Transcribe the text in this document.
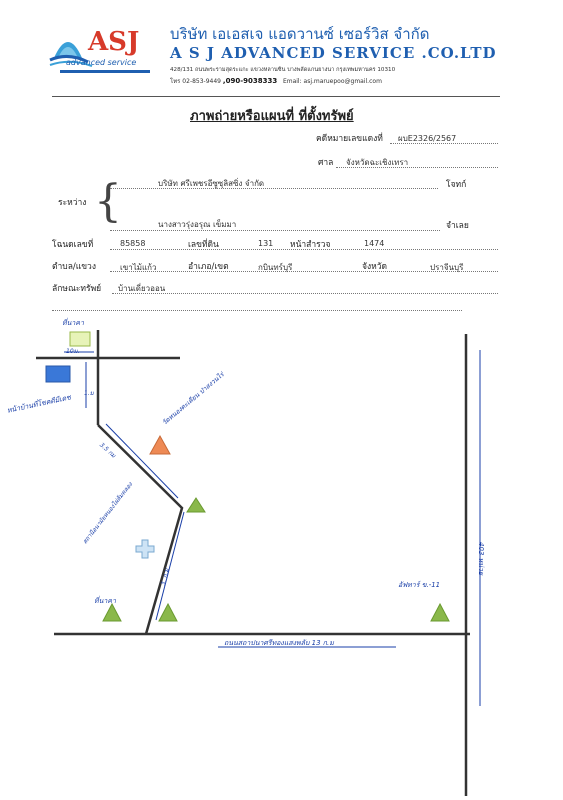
ASJ
advanced service
บริษัท เอเอสเจ แอดวานซ์ เซอร์วิส จำกัด
A S J ADVANCED SERVICE .CO.LTD
428/131 ถนนพระรามสุดระแกะ แขวงหลานซิน บางพลัดแกนยางนา กรุงเทพมหานคร 10310
โทร 02-853-9449 ,090-9038333 Email: asj.maruepoo@gmail.com
ภาพถ่ายหรือแผนที่ ที่ตั้งทรัพย์
คดีหมายเลขแดงที่ ผบE2326/2567
ศาล จังหวัดฉะเชิงเทรา
ระหว่าง {	บริษัท ศรีเพชรอีซูซุลิสซิ่ง จำกัด	โจทก์
นางสาวรุ่งอรุณ เข็มมา	จำเลย
โฉนดเลขที่	85858	เลขที่ดิน	131 หน้าสำรวจ	1474
ตำบล/แขวง	เขาไม้แก้ว	อำเภอ/เขต	กบินทร์บุรี	จังหวัด	ปราจีนบุรี
ลักษณะทรัพย์ บ้านเดี่ยวออน
ที่นาคา
10ม.
1.ม
หน้าบ้านที่โชคดีมีเดช
3.5 กม
วัดหนองตะเคียน ป่าสงวนไร่
สถานีอนามัยหนองไผ่ส้มคลอง
3. ก.ม
ที่นาคา
อัฟทาร์ ข.-11
403 หน่วย
ถนนสถาปนาศรีทองแสงพลับ 13 ก.ม
